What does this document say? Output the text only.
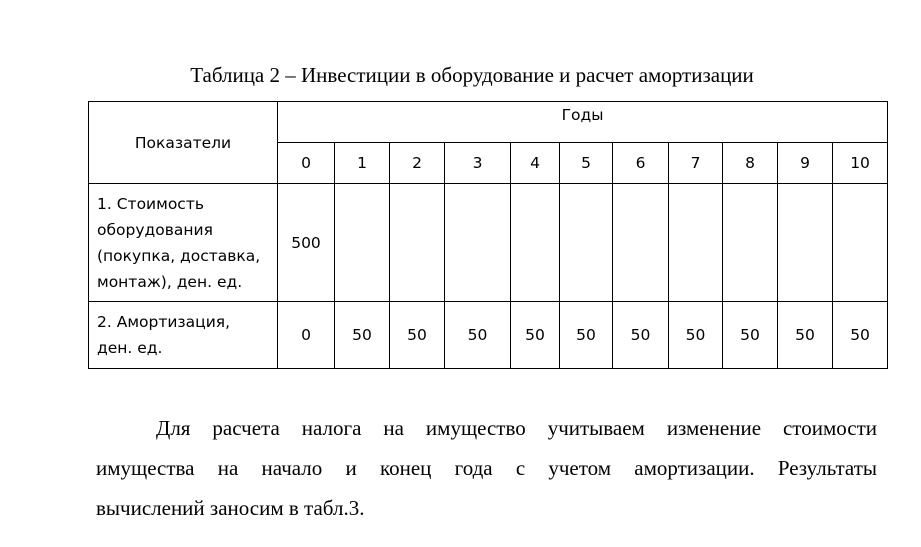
Таблица 2 – Инвестиции в оборудование и расчет амортизации
Показатели	Годы										
	0	1	2	3	4	5	6	7	8	9	10
1. Стоимость
оборудования
(покупка, доставка,
монтаж), ден. ед.	500										
2. Амортизация,
ден. ед.	0	50	50	50	50	50	50	50	50	50	50
Для расчета налога на имущество учитываем изменение стоимости
имущества на начало и конец года с учетом амортизации. Результаты
вычислений заносим в табл.3.
